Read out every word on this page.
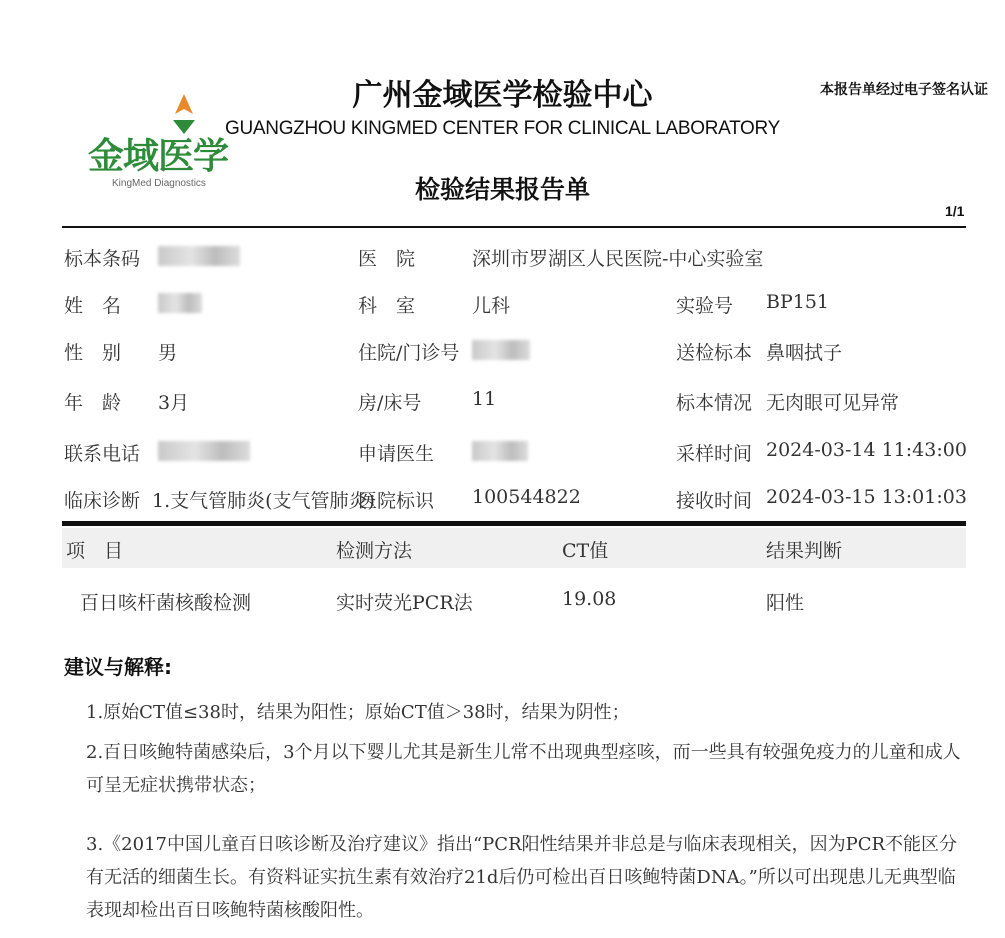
金域医学
KingMed Diagnostics
广州金域医学检验中心
GUANGZHOU KINGMED CENTER FOR CLINICAL LABORATORY
检验结果报告单
本报告单经过电子签名认证
1/1
标本条码	医　院	深圳市罗湖区人民医院-中心实验室
姓　名	科　室	儿科	实验号 BP151
性　别 男	住院/门诊号	送检标本 鼻咽拭子
年　龄 3月	房/床号	11	标本情况 无肉眼可见异常
联系电话	申请医生	采样时间 2024-03-14 11:43:00
临床诊断 1.支气管肺炎(支气管肺炎)
医院标识 100544822	接收时间 2024-03-15 13:01:03
项　目	检测方法	CT值	结果判断
百日咳杆菌核酸检测	实时荧光PCR法	19.08	阳性
建议与解释:
1.原始CT值≤38时，结果为阳性；原始CT值＞38时，结果为阴性；
2.百日咳鲍特菌感染后，3个月以下婴儿尤其是新生儿常不出现典型痉咳，而一些具有较强免疫力的儿童和成人可呈无症状携带状态；
3.《2017中国儿童百日咳诊断及治疗建议》指出“PCR阳性结果并非总是与临床表现相关，因为PCR不能区分有无活的细菌生长。有资料证实抗生素有效治疗21d后仍可检出百日咳鲍特菌DNA。”所以可出现患儿无典型临表现却检出百日咳鲍特菌核酸阳性。
